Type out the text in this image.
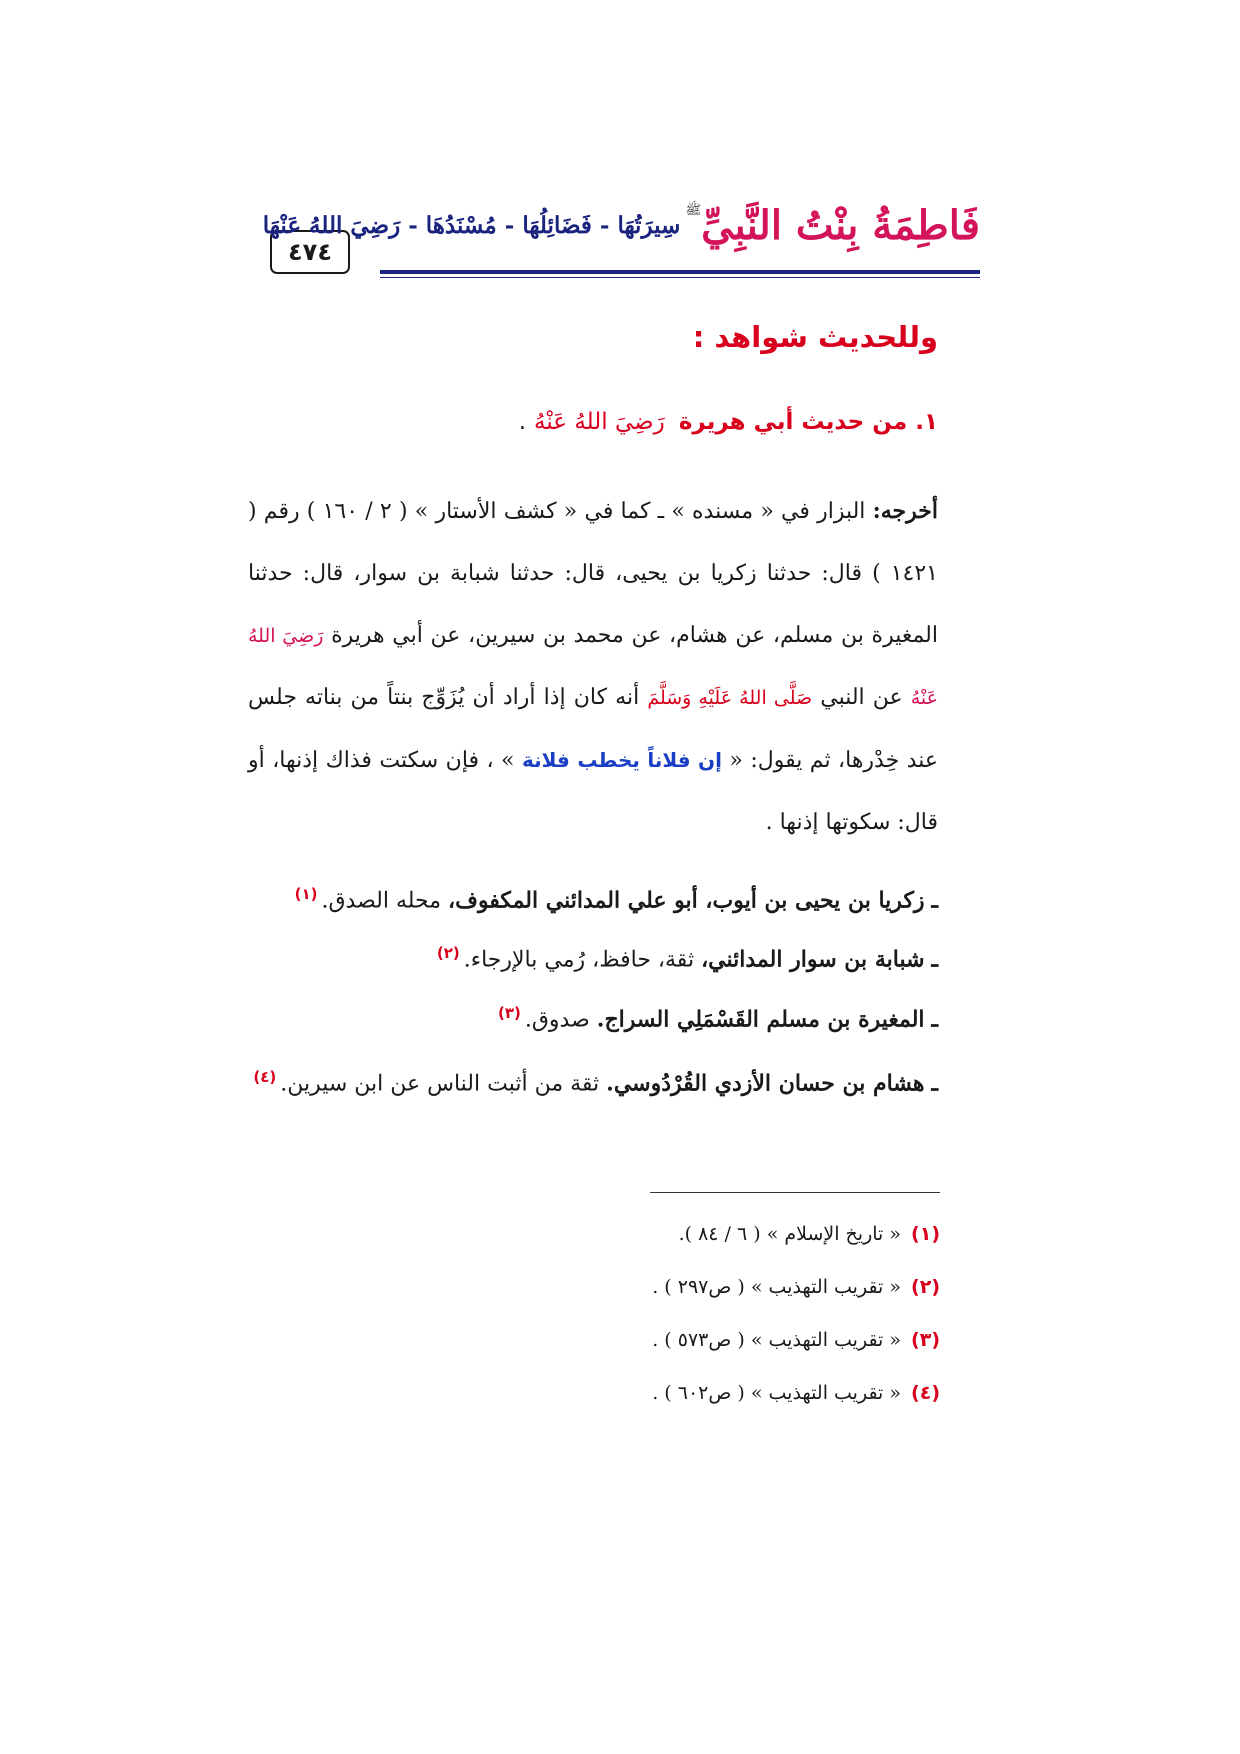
٤٧٤
فَاطِمَةُ بِنْتُ النَّبِيِّ$^ﷺ$ سِيرَتُهَا - فَضَائِلُهَا - مُسْنَدُهَا - رَضِيَ اللهُ عَنْهَا
وللحديث شواهد :
١. من حديث أبي هريرة رَضِيَ اللهُ عَنْهُ .

أخرجه: البزار في « مسنده » ـ كما في « كشف الأستار » ( ٢ / ١٦٠ ) رقم ( ١٤٢١ ) قال: حدثنا زكريا بن يحيى، قال: حدثنا شبابة بن سوار، قال: حدثنا المغيرة بن مسلم، عن هشام، عن محمد بن سيرين، عن أبي هريرة رَضِيَ اللهُ عَنْهُ عن النبي صَلَّى اللهُ عَلَيْهِ وَسَلَّمَ أنه كان إذا أراد أن يُزَوِّج بنتاً من بناته جلس عند خِدْرها، ثم يقول: « إن فلاناً يخطب فلانة » ، فإن سكتت فذاك إذنها، أو قال: سكوتها إذنها .

ـ زكريا بن يحيى بن أيوب، أبو علي المدائني المكفوف، محله الصدق.$^{(١)}$
ـ شبابة بن سوار المدائني، ثقة، حافظ، رُمي بالإرجاء.$^{(٢)}$
ـ المغيرة بن مسلم القَسْمَلِي السراج. صدوق.$^{(٣)}$
ـ هشام بن حسان الأزدي القُرْدُوسي. ثقة من أثبت الناس عن ابن سيرين.$^{(٤)}$
(١)« تاريخ الإسلام » ( ٦ / ٨٤ ).
(٢)« تقريب التهذيب » ( ص٢٩٧ ) .
(٣)« تقريب التهذيب » ( ص٥٧٣ ) .
(٤)« تقريب التهذيب » ( ص٦٠٢ ) .
